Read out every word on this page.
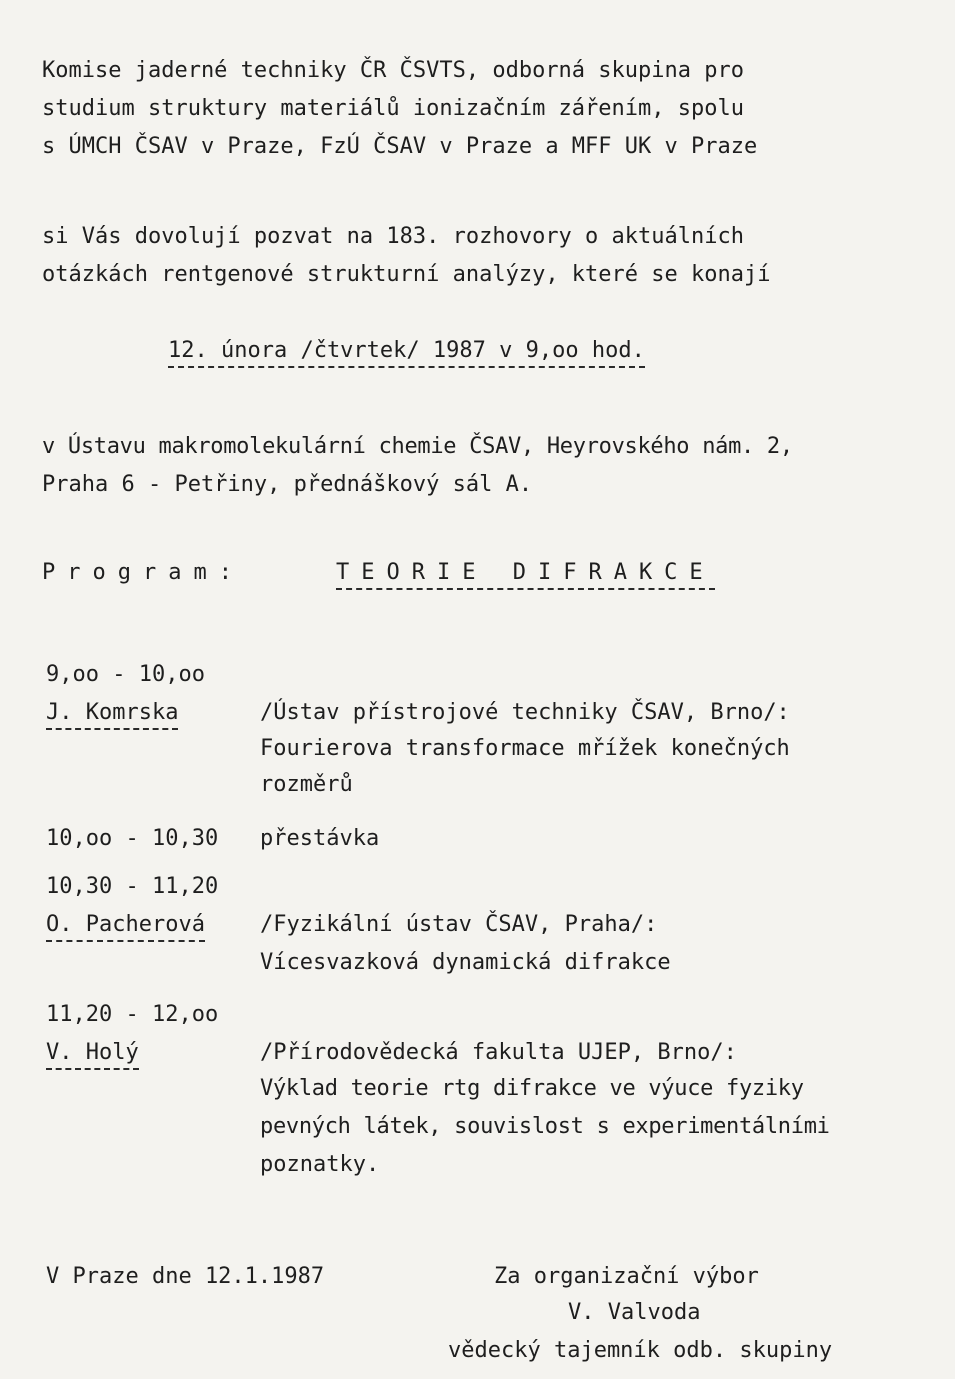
Komise jaderné techniky ČR ČSVTS, odborná skupina pro
studium struktury materiálů ionizačním zářením, spolu
s ÚMCH ČSAV v Praze, FzÚ ČSAV v Praze a MFF UK v Praze
si Vás dovolují pozvat na 183. rozhovory o aktuálních
otázkách rentgenové strukturní analýzy, které se konají
12. února /čtvrtek/ 1987 v 9,oo hod.
v Ústavu makromolekulární chemie ČSAV, Heyrovského nám. 2,
Praha 6 - Petřiny, přednáškový sál A.
Program:	TEORIE DIFRAKCE
9,oo - 10,oo
J. Komrska	/Ústav přístrojové techniky ČSAV, Brno/:
Fourierova transformace mřížek konečných
rozměrů
10,oo - 10,30 přestávka
10,30 - 11,20
O. Pacherová	/Fyzikální ústav ČSAV, Praha/:
Vícesvazková dynamická difrakce
11,20 - 12,oo
V. Holý	/Přírodovědecká fakulta UJEP, Brno/:
Výklad teorie rtg difrakce ve výuce fyziky
pevných látek, souvislost s experimentálními
poznatky.
V Praze dne 12.1.1987	Za organizační výbor
V. Valvoda
vědecký tajemník odb. skupiny
